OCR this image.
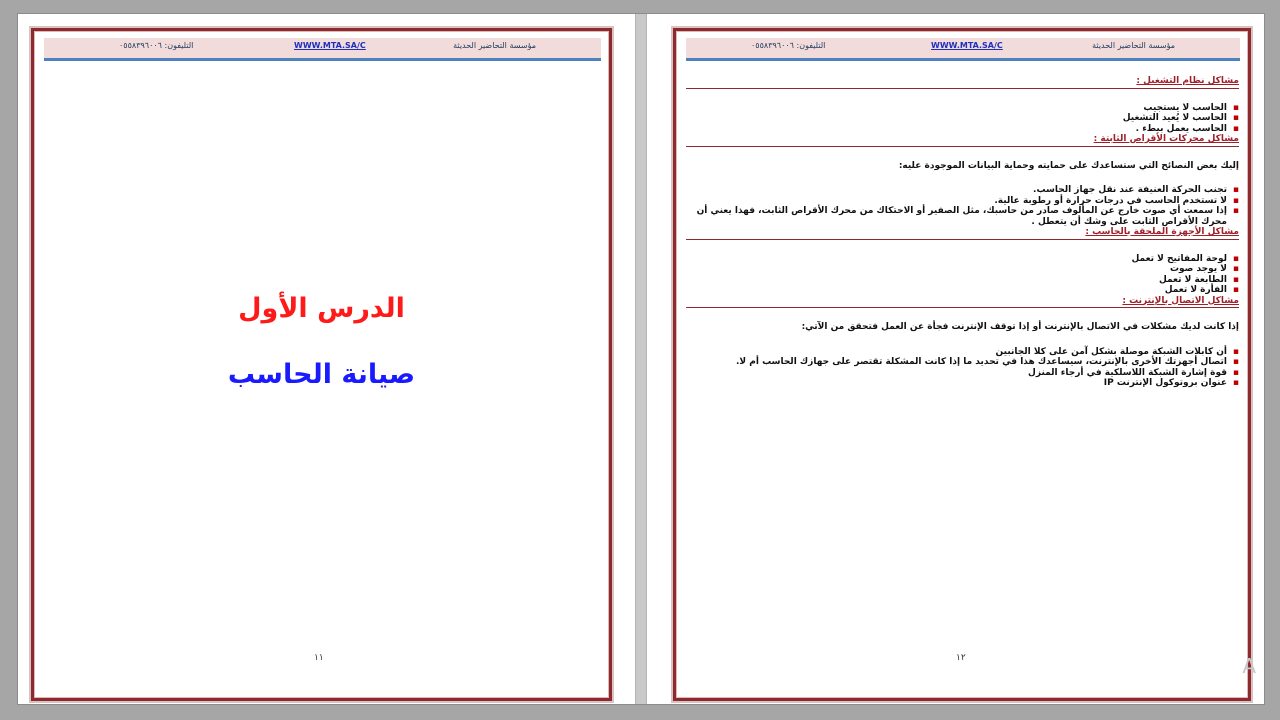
مؤسسة التحاضير الحديثة
WWW.MTA.SA/C
التليفون: ٠٥٥٨٣٩٦٠٠٦
الدرس الأول
صيانة الحاسب
١١
مؤسسة التحاضير الحديثة
WWW.MTA.SA/C
التليفون: ٠٥٥٨٣٩٦٠٠٦

مشاكل نظام التشغيل :

▪
الحاسب لا يستجيب
▪
الحاسب لا يُعيد التشغيل
▪
الحاسب يعمل ببطء .

مشاكل محركات الأقراص الثابتة :

إليك بعض النصائح التي ستساعدك على حمايته وحماية البيانات الموجودة عليه:

▪
تجنب الحركة العنيفة عند نقل جهاز الحاسب.
▪
لا تستخدم الحاسب في درجات حرارة أو رطوبة عالية.
▪
إذا سمعت أي صوت خارج عن المألوف صادر من حاسبك، مثل الصفير أو الاحتكاك من محرك الأقراص الثابت، فهذا يعني أن محرك الأقراص الثابت على وشك أن يتعطل .

مشاكل الأجهزة الملحقة بالحاسب :

▪
لوحة المفاتيح لا تعمل
▪
لا يوجد صوت
▪
الطابعة لا تعمل
▪
الفأرة لا تعمل

مشاكل الاتصال بالإنترنت :

إذا كانت لديك مشكلات في الاتصال بالإنترنت أو إذا توقف الإنترنت فجأة عن العمل فتحقق من الآتي:

▪
أن كابلات الشبكة موصلة بشكل آمن على كلا الجانبين
▪
اتصال أجهزتك الأخرى بالإنترنت، سيساعدك هذا في تحديد ما إذا كانت المشكلة تقتصر على جهازك الحاسب أم لا.
▪
قوة إشارة الشبكة اللاسلكية في أرجاء المنزل
▪
عنوان بروتوكول الإنترنت IP
١٢	A
